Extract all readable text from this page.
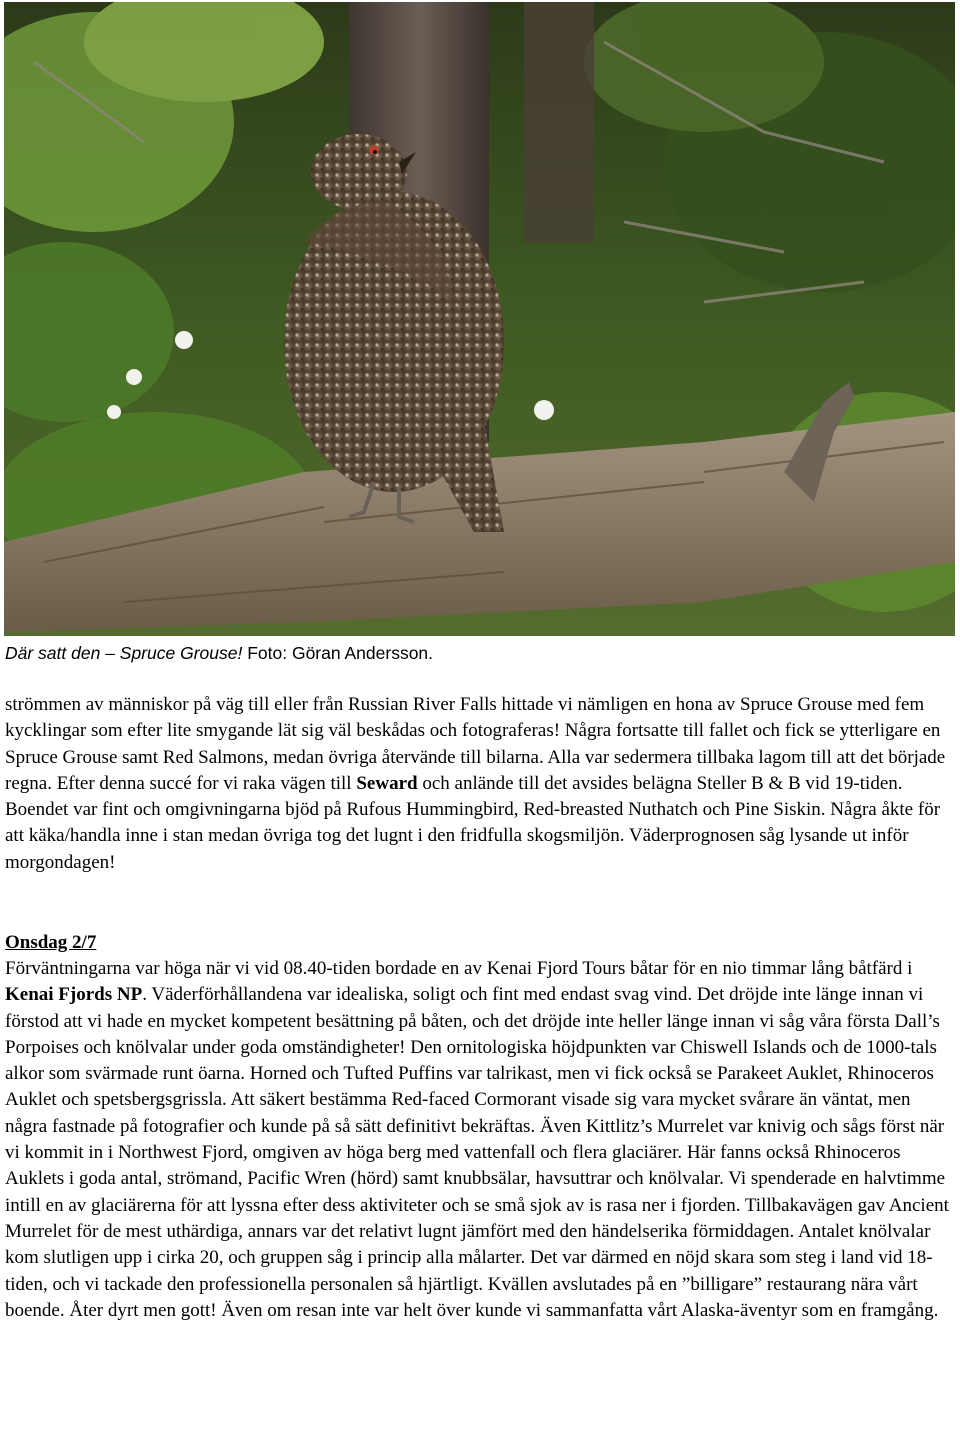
Där satt den – Spruce Grouse! Foto: Göran Andersson.

strömmen av människor på väg till eller från Russian River Falls hittade vi nämligen en hona av Spruce Grouse med fem kycklingar som efter lite smygande lät sig väl beskådas och fotograferas! Några fortsatte till fallet och fick se ytterligare en Spruce Grouse samt Red Salmons, medan övriga återvände till bilarna. Alla var sedermera tillbaka lagom till att det började regna. Efter denna succé for vi raka vägen till Seward och anlände till det avsides belägna Steller B & B vid 19-tiden. Boendet var fint och omgivningarna bjöd på Rufous Hummingbird, Red-breasted Nuthatch och Pine Siskin. Några åkte för att käka/handla inne i stan medan övriga tog det lugnt i den fridfulla skogsmiljön. Väderprognosen såg lysande ut inför morgondagen!

Onsdag 2/7

Förväntningarna var höga när vi vid 08.40-tiden bordade en av Kenai Fjord Tours båtar för en nio timmar lång båtfärd i Kenai Fjords NP. Väderförhållandena var idealiska, soligt och fint med endast svag vind. Det dröjde inte länge innan vi förstod att vi hade en mycket kompetent besättning på båten, och det dröjde inte heller länge innan vi såg våra första Dall’s Porpoises och knölvalar under goda omständigheter! Den ornitologiska höjdpunkten var Chiswell Islands och de 1000-tals alkor som svärmade runt öarna. Horned och Tufted Puffins var talrikast, men vi fick också se Parakeet Auklet, Rhinoceros Auklet och spetsbergsgrissla. Att säkert bestämma Red-faced Cormorant visade sig vara mycket svårare än väntat, men några fastnade på fotografier och kunde på så sätt definitivt bekräftas. Även Kittlitz’s Murrelet var knivig och sågs först när vi kommit in i Northwest Fjord, omgiven av höga berg med vattenfall och flera glaciärer. Här fanns också Rhinoceros Auklets i goda antal, strömand, Pacific Wren (hörd) samt knubbsälar, havsuttrar och knölvalar. Vi spenderade en halvtimme intill en av glaciärerna för att lyssna efter dess aktiviteter och se små sjok av is rasa ner i fjorden. Tillbakavägen gav Ancient Murrelet för de mest uthärdiga, annars var det relativt lugnt jämfört med den händelserika förmiddagen. Antalet knölvalar kom slutligen upp i cirka 20, och gruppen såg i princip alla målarter. Det var därmed en nöjd skara som steg i land vid 18-tiden, och vi tackade den professionella personalen så hjärtligt. Kvällen avslutades på en ”billigare” restaurang nära vårt boende. Åter dyrt men gott! Även om resan inte var helt över kunde vi sammanfatta vårt Alaska-äventyr som en framgång.
